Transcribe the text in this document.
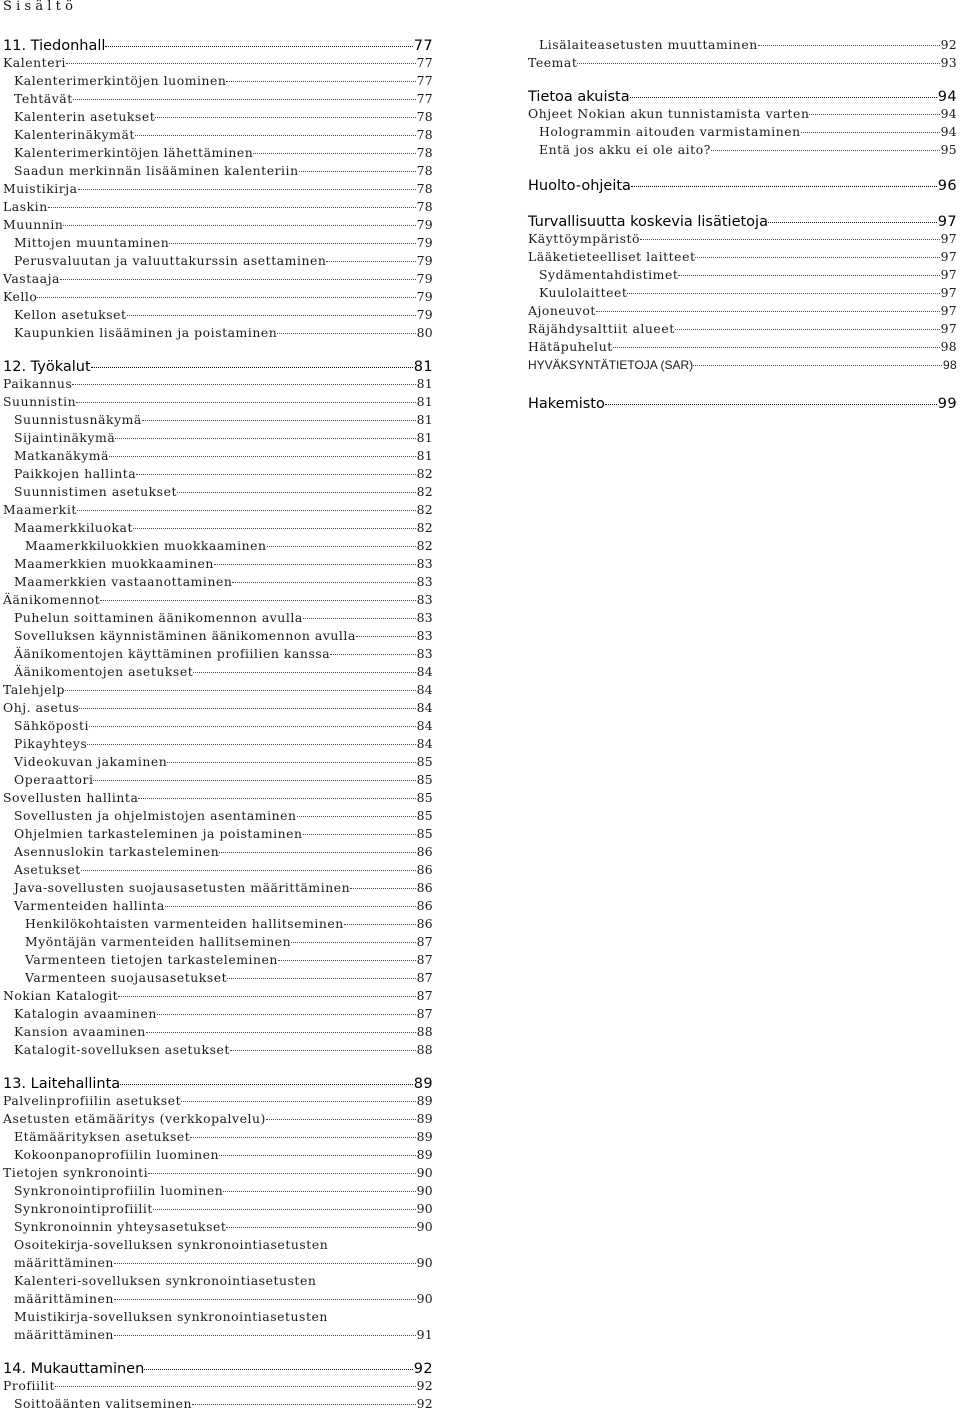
Sisältö
11. Tiedonhall	77
Kalenteri	77
Kalenterimerkintöjen luominen	77
Tehtävät	77
Kalenterin asetukset	78
Kalenterinäkymät	78
Kalenterimerkintöjen lähettäminen	78
Saadun merkinnän lisääminen kalenteriin	78
Muistikirja	78
Laskin	78
Muunnin	79
Mittojen muuntaminen	79
Perusvaluutan ja valuuttakurssin asettaminen	79
Vastaaja	79
Kello	79
Kellon asetukset	79
Kaupunkien lisääminen ja poistaminen	80
12. Työkalut	81
Paikannus	81
Suunnistin	81
Suunnistusnäkymä	81
Sijaintinäkymä	81
Matkanäkymä	81
Paikkojen hallinta	82
Suunnistimen asetukset	82
Maamerkit	82
Maamerkkiluokat	82
Maamerkkiluokkien muokkaaminen	82
Maamerkkien muokkaaminen	83
Maamerkkien vastaanottaminen	83
Äänikomennot	83
Puhelun soittaminen äänikomennon avulla	83
Sovelluksen käynnistäminen äänikomennon avulla	83
Äänikomentojen käyttäminen profiilien kanssa	83
Äänikomentojen asetukset	84
Talehjelp	84
Ohj. asetus	84
Sähköposti	84
Pikayhteys	84
Videokuvan jakaminen	85
Operaattori	85
Sovellusten hallinta	85
Sovellusten ja ohjelmistojen asentaminen	85
Ohjelmien tarkasteleminen ja poistaminen	85
Asennuslokin tarkasteleminen	86
Asetukset	86
Java-sovellusten suojausasetusten määrittäminen	86
Varmenteiden hallinta	86
Henkilökohtaisten varmenteiden hallitseminen	86
Myöntäjän varmenteiden hallitseminen	87
Varmenteen tietojen tarkasteleminen	87
Varmenteen suojausasetukset	87
Nokian Katalogit	87
Katalogin avaaminen	87
Kansion avaaminen	88
Katalogit-sovelluksen asetukset	88
13. Laitehallinta	89
Palvelinprofiilin asetukset	89
Asetusten etämääritys (verkkopalvelu)	89
Etämäärityksen asetukset	89
Kokoonpanoprofiilin luominen	89
Tietojen synkronointi	90
Synkronointiprofiilin luominen	90
Synkronointiprofiilit	90
Synkronoinnin yhteysasetukset	90
Osoitekirja-sovelluksen synkronointiasetusten
määrittäminen	90
Kalenteri-sovelluksen synkronointiasetusten
määrittäminen	90
Muistikirja-sovelluksen synkronointiasetusten
määrittäminen	91
14. Mukauttaminen	92
Profiilit	92
Soittoäänten valitseminen	92
Lisälaiteasetusten muuttaminen	92
Teemat	93
Tietoa akuista	94
Ohjeet Nokian akun tunnistamista varten	94
Hologrammin aitouden varmistaminen	94
Entä jos akku ei ole aito?	95
Huolto-ohjeita	96
Turvallisuutta koskevia lisätietoja	97
Käyttöympäristö	97
Lääketieteelliset laitteet	97
Sydämentahdistimet	97
Kuulolaitteet	97
Ajoneuvot	97
Räjähdysalttiit alueet	97
Hätäpuhelut	98
HYVÄKSYNTÄTIETOJA (SAR)	98
Hakemisto	99
